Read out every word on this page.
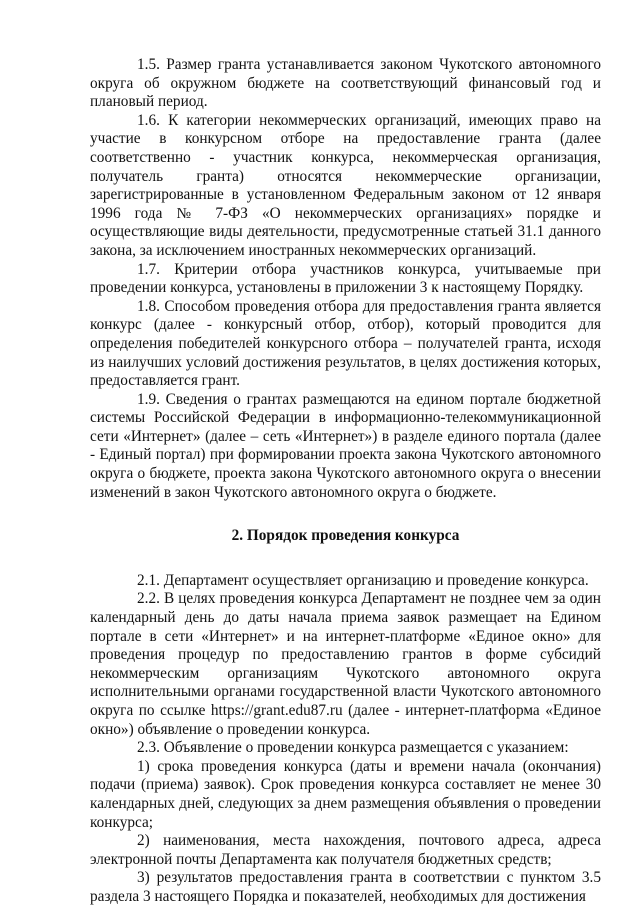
1.5. Размер гранта устанавливается законом Чукотского автономного округа об окружном бюджете на соответствующий финансовый год и плановый период.

1.6. К категории некоммерческих организаций, имеющих право на участие в конкурсном отборе на предоставление гранта (далее соответственно - участник конкурса, некоммерческая организация, получатель гранта) относятся некоммерческие организации, зарегистрированные в установленном Федеральным законом от 12 января 1996 года № 7-ФЗ «О некоммерческих организациях» порядке и осуществляющие виды деятельности, предусмотренные статьей 31.1 данного закона, за исключением иностранных некоммерческих организаций.

1.7. Критерии отбора участников конкурса, учитываемые при проведении конкурса, установлены в приложении 3 к настоящему Порядку.

1.8. Способом проведения отбора для предоставления гранта является конкурс (далее - конкурсный отбор, отбор), который проводится для определения победителей конкурсного отбора – получателей гранта, исходя из наилучших условий достижения результатов, в целях достижения которых, предоставляется грант.

1.9. Сведения о грантах размещаются на едином портале бюджетной системы Российской Федерации в информационно-телекоммуникационной сети «Интернет» (далее – сеть «Интернет») в разделе единого портала (далее - Единый портал) при формировании проекта закона Чукотского автономного округа о бюджете, проекта закона Чукотского автономного округа о внесении изменений в закон Чукотского автономного округа о бюджете.

2. Порядок проведения конкурса

2.1. Департамент осуществляет организацию и проведение конкурса.

2.2. В целях проведения конкурса Департамент не позднее чем за один календарный день до даты начала приема заявок размещает на Едином портале в сети «Интернет» и на интернет-платформе «Единое окно» для проведения процедур по предоставлению грантов в форме субсидий некоммерческим организациям Чукотского автономного округа исполнительными органами государственной власти Чукотского автономного округа по ссылке https://grant.edu87.ru (далее - интернет-платформа «Единое окно») объявление о проведении конкурса.

2.3. Объявление о проведении конкурса размещается с указанием:

1) срока проведения конкурса (даты и времени начала (окончания) подачи (приема) заявок). Срок проведения конкурса составляет не менее 30 календарных дней, следующих за днем размещения объявления о проведении конкурса;

2) наименования, места нахождения, почтового адреса, адреса электронной почты Департамента как получателя бюджетных средств;

3) результатов предоставления гранта в соответствии с пунктом 3.5 раздела 3 настоящего Порядка и показателей, необходимых для достижения
